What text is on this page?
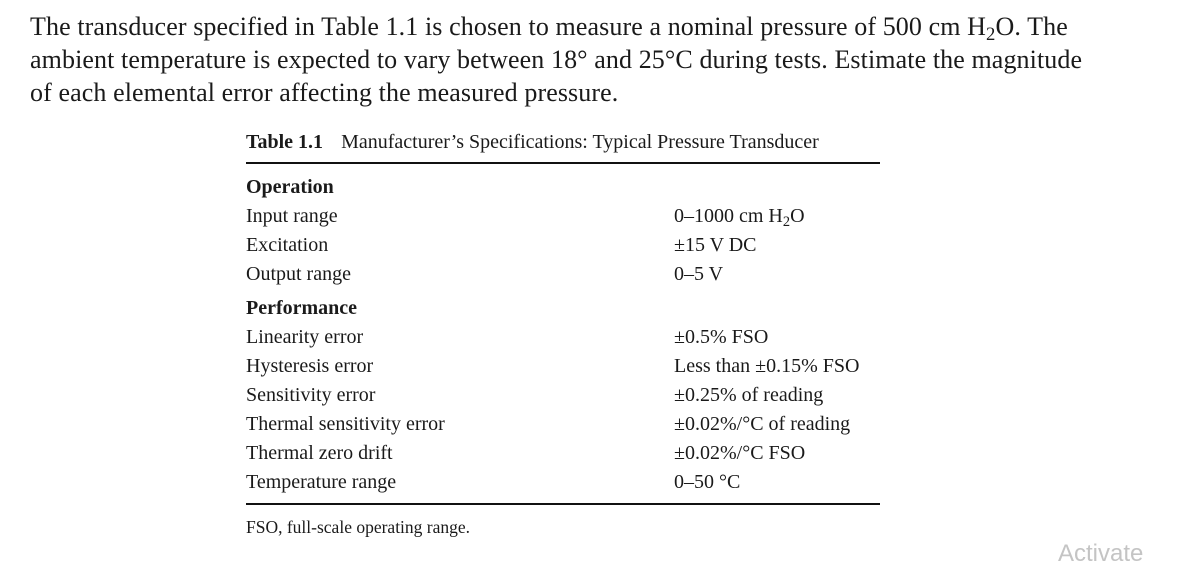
The transducer specified in Table 1.1 is chosen to measure a nominal pressure of 500 cm $H_2O$. The
ambient temperature is expected to vary between 18° and 25°C during tests. Estimate the magnitude
of each elemental error affecting the measured pressure.
Table 1.1 Manufacturer’s Specifications: Typical Pressure Transducer
Operation
Input range	0–1000 cm $H_2O$
Excitation	±15 V DC
Output range	0–5 V
Performance
Linearity error	±0.5% FSO
Hysteresis error	Less than ±0.15% FSO
Sensitivity error	±0.25% of reading
Thermal sensitivity error	±0.02%/°C of reading
Thermal zero drift	±0.02%/°C FSO
Temperature range	0–50 °C
FSO, full-scale operating range.
Activate
